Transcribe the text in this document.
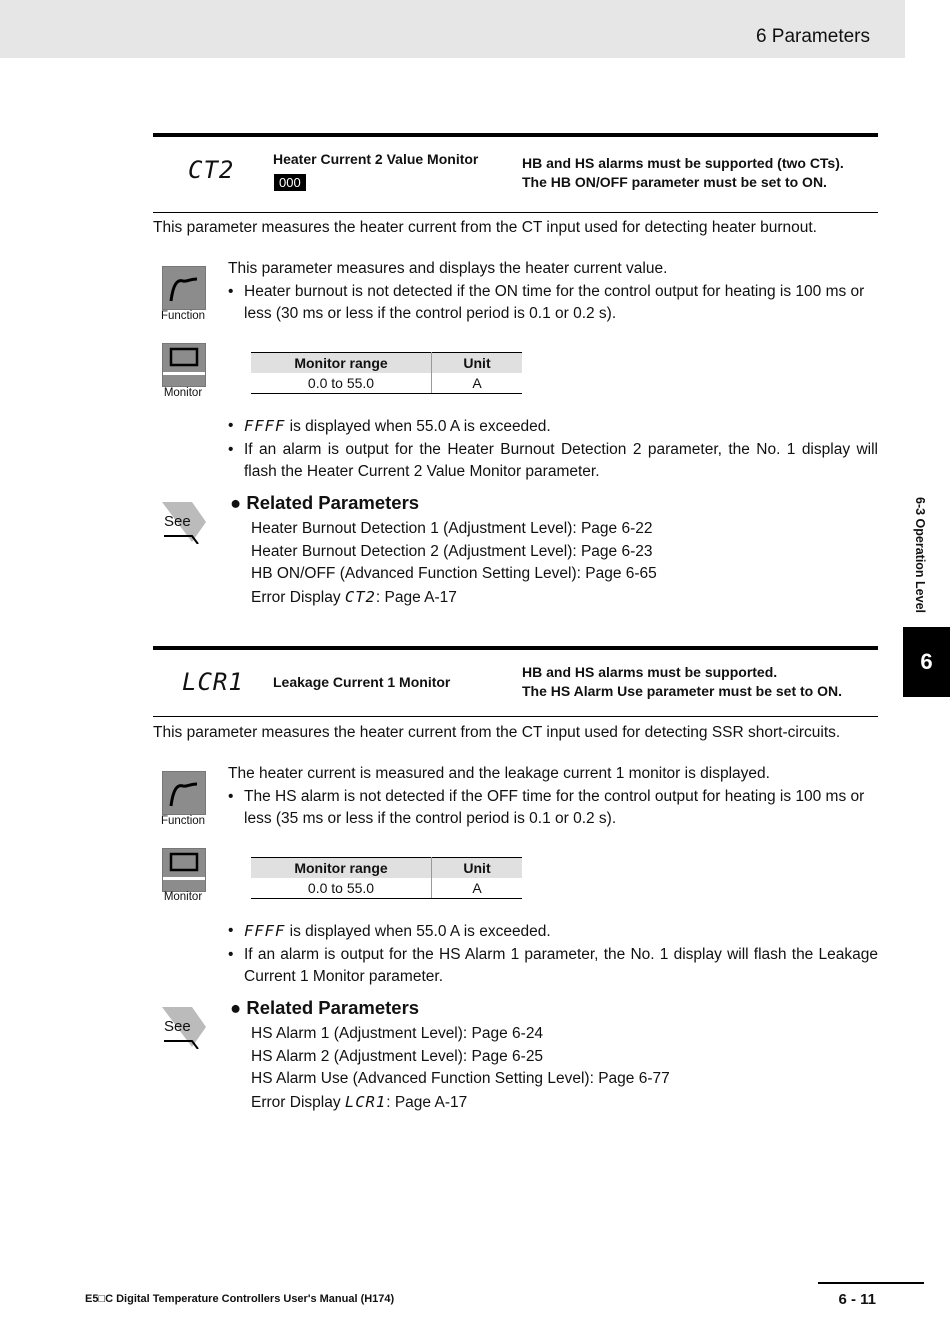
6 Parameters
6-3 Operation Level
6
CT2	Heater Current 2 Value Monitor
000
HB and HS alarms must be supported (two CTs).
The HB ON/OFF parameter must be set to ON.
This parameter measures the heater current from the CT input used for detecting heater burnout.
Function
This parameter measures and displays the heater current value.
• Heater burnout is not detected if the ON time for the control output for heating is 100 ms or less (30 ms or less if the control period is 0.1 or 0.2 s).
Monitor
Monitor range	Unit
0.0 to 55.0	A
• FFFF is displayed when 55.0 A is exceeded.
• If an alarm is output for the Heater Burnout Detection 2 parameter, the No. 1 display will flash the Heater Current 2 Value Monitor parameter.
See
● Related Parameters
Heater Burnout Detection 1 (Adjustment Level): Page 6-22
Heater Burnout Detection 2 (Adjustment Level): Page 6-23
HB ON/OFF (Advanced Function Setting Level): Page 6-65
Error Display CT2: Page A-17
LCR1 Leakage Current 1 Monitor
HB and HS alarms must be supported.
The HS Alarm Use parameter must be set to ON.
This parameter measures the heater current from the CT input used for detecting SSR short-circuits.
Function
The heater current is measured and the leakage current 1 monitor is displayed.
• The HS alarm is not detected if the OFF time for the control output for heating is 100 ms or less (35 ms or less if the control period is 0.1 or 0.2 s).
Monitor
Monitor range	Unit
0.0 to 55.0	A
• FFFF is displayed when 55.0 A is exceeded.
• If an alarm is output for the HS Alarm 1 parameter, the No. 1 display will flash the Leakage Current 1 Monitor parameter.
See
● Related Parameters
HS Alarm 1 (Adjustment Level): Page 6-24
HS Alarm 2 (Adjustment Level): Page 6-25
HS Alarm Use (Advanced Function Setting Level): Page 6-77
Error Display LCR1: Page A-17
E5□C Digital Temperature Controllers User's Manual (H174)	6 - 11
